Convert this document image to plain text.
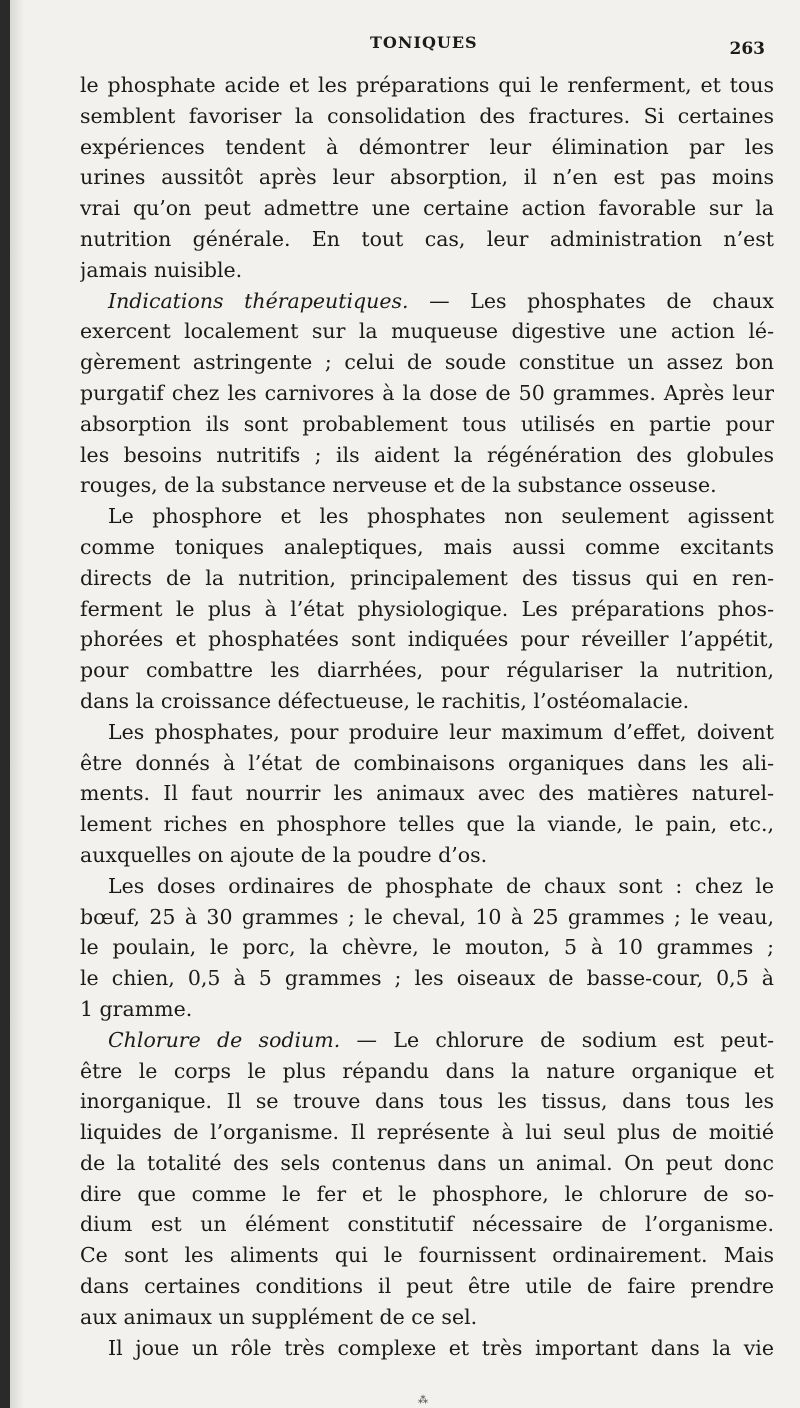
TONIQUES	263
le phosphate acide et les préparations qui le renferment, et tous
semblent favoriser la consolidation des fractures. Si certaines
expériences tendent à démontrer leur élimination par les
urines aussitôt après leur absorption, il n’en est pas moins
vrai qu’on peut admettre une certaine action favorable sur la
nutrition générale. En tout cas, leur administration n’est
jamais nuisible.
Indications thérapeutiques. — Les phosphates de chaux
exercent localement sur la muqueuse digestive une action lé-
gèrement astringente ; celui de soude constitue un assez bon
purgatif chez les carnivores à la dose de 50 grammes. Après leur
absorption ils sont probablement tous utilisés en partie pour
les besoins nutritifs ; ils aident la régénération des globules
rouges, de la substance nerveuse et de la substance osseuse.
Le phosphore et les phosphates non seulement agissent
comme toniques analeptiques, mais aussi comme excitants
directs de la nutrition, principalement des tissus qui en ren-
ferment le plus à l’état physiologique. Les préparations phos-
phorées et phosphatées sont indiquées pour réveiller l’appétit,
pour combattre les diarrhées, pour régulariser la nutrition,
dans la croissance défectueuse, le rachitis, l’ostéomalacie.
Les phosphates, pour produire leur maximum d’effet, doivent
être donnés à l’état de combinaisons organiques dans les ali-
ments. Il faut nourrir les animaux avec des matières naturel-
lement riches en phosphore telles que la viande, le pain, etc.,
auxquelles on ajoute de la poudre d’os.
Les doses ordinaires de phosphate de chaux sont : chez le
bœuf, 25 à 30 grammes ; le cheval, 10 à 25 grammes ; le veau,
le poulain, le porc, la chèvre, le mouton, 5 à 10 grammes ;
le chien, 0,5 à 5 grammes ; les oiseaux de basse-cour, 0,5 à
1 gramme.
Chlorure de sodium. — Le chlorure de sodium est peut-
être le corps le plus répandu dans la nature organique et
inorganique. Il se trouve dans tous les tissus, dans tous les
liquides de l’organisme. Il représente à lui seul plus de moitié
de la totalité des sels contenus dans un animal. On peut donc
dire que comme le fer et le phosphore, le chlorure de so-
dium est un élément constitutif nécessaire de l’organisme.
Ce sont les aliments qui le fournissent ordinairement. Mais
dans certaines conditions il peut être utile de faire prendre
aux animaux un supplément de ce sel.
Il joue un rôle très complexe et très important dans la vie
⁂
